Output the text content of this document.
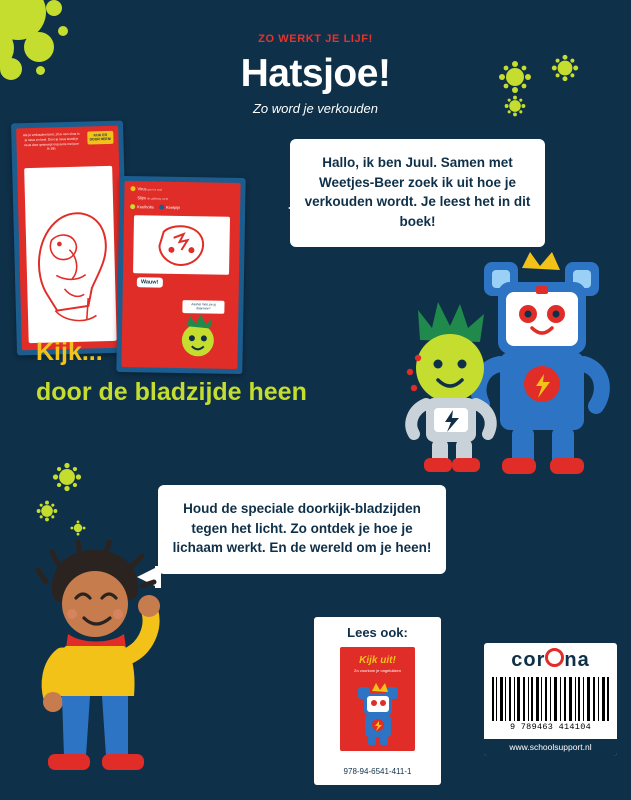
ZO WERKT JE LIJF!
Hatsjoe!
Zo word je verkouden
Als je verkouden bent, zit er een virus in je neus en keel. Door je neus wordt je neus door gesnoept nog eens met poe te zijn.
KIJK ER DOOR HEEN!
Virus geel en rood
Slijm dit, glibberig vocht
Keelholte	Keelpijn
Wauw!
Aaaha! Wat zie jij daarmee?
Kijk...
door de bladzijde heen
Hallo, ik ben Juul. Samen met Weetjes-Beer zoek ik uit hoe je verkouden wordt. Je leest het in dit boek!
Houd de speciale doorkijk-bladzijden tegen het licht. Zo ontdek je hoe je lichaam werkt. En de wereld om je heen!
Lees ook:
Kijk uit!
Zo voorkom je ongelukken
978-94-6541-411-1
cor na
9 789463 414104
www.schoolsupport.nl
